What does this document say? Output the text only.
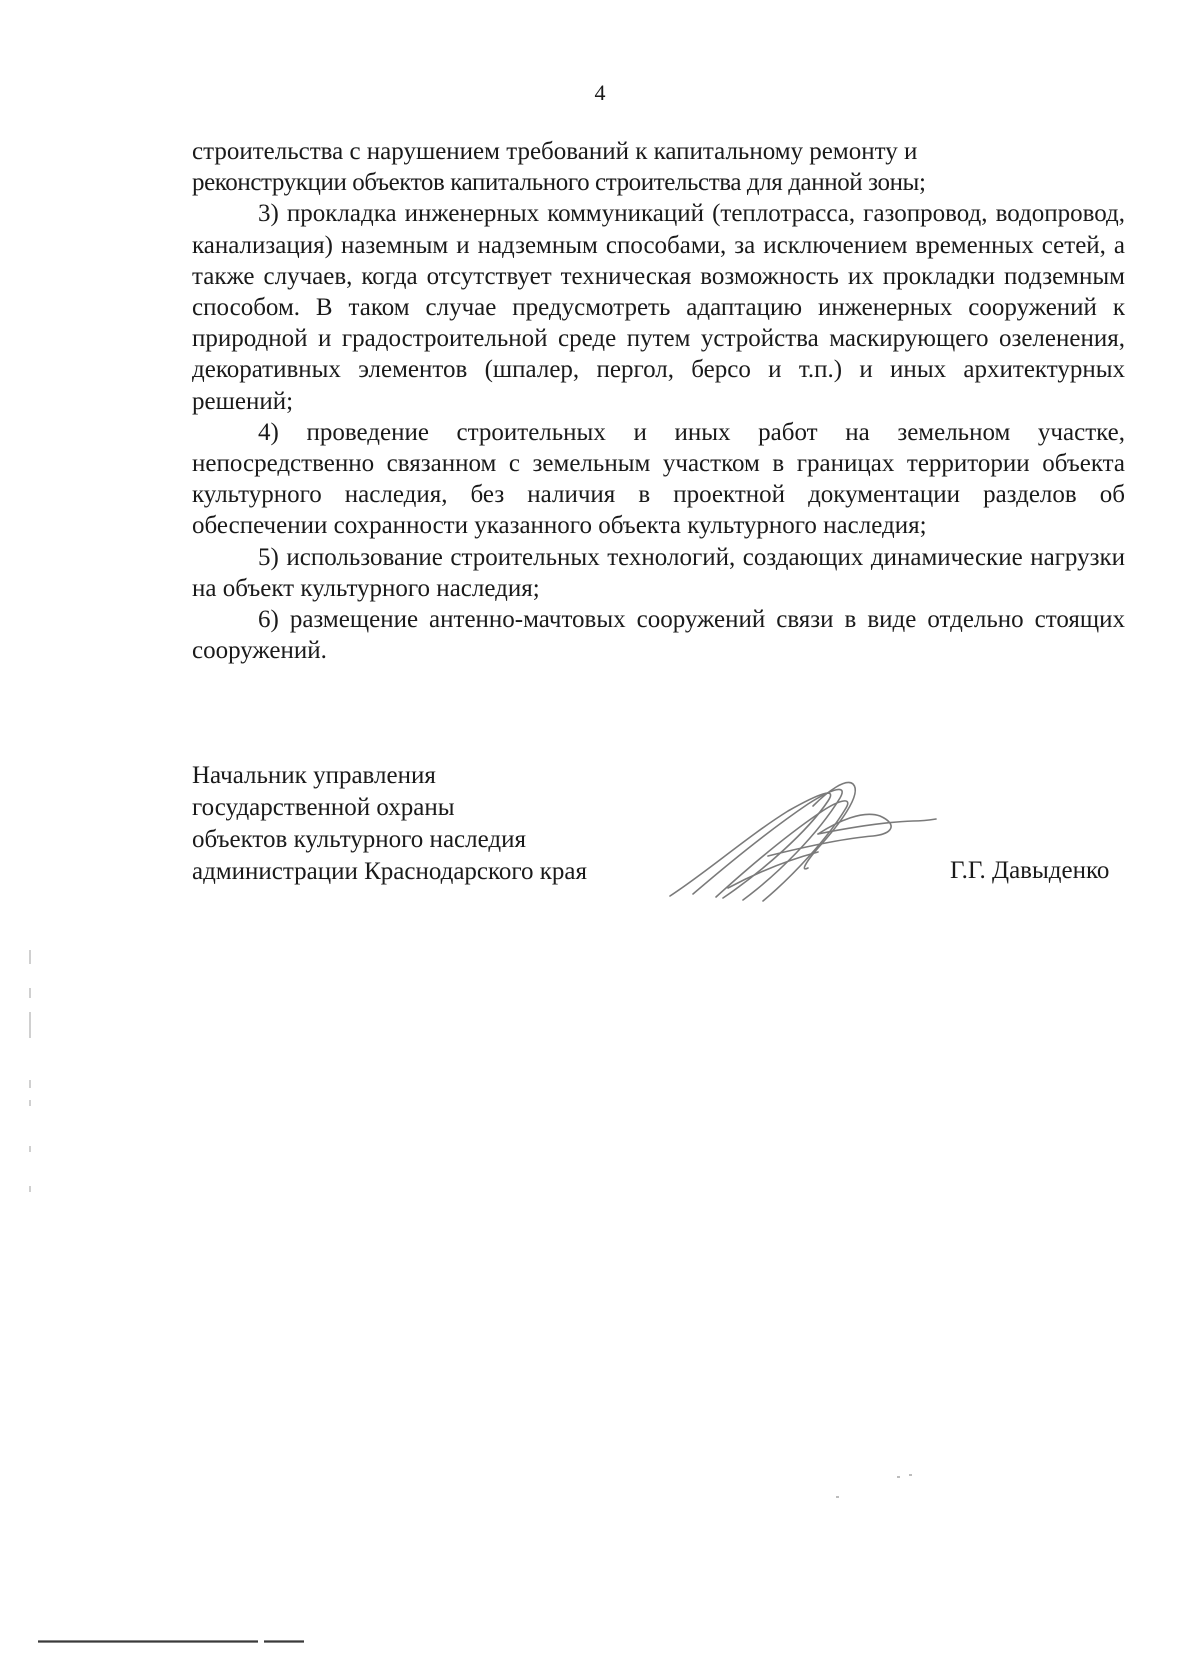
4

строительства с нарушением требований к капитальному ремонту и

реконструкции объектов капитального строительства для данной зоны;

3) прокладка инженерных коммуникаций (теплотрасса, газопровод, водопровод, канализация) наземным и надземным способами, за исключением временных сетей, а также случаев, когда отсутствует техническая возможность их прокладки подземным способом. В таком случае предусмотреть адаптацию инженерных сооружений к природной и градостроительной среде путем устройства маскирующего озеленения, декоративных элементов (шпалер, пергол, берсо и т.п.) и иных архитектурных решений;

4) проведение строительных и иных работ на земельном участке, непосредственно связанном с земельным участком в границах территории объекта культурного наследия, без наличия в проектной документации разделов об обеспечении сохранности указанного объекта культурного наследия;

5) использование строительных технологий, создающих динамические нагрузки на объект культурного наследия;

6) размещение антенно-мачтовых сооружений связи в виде отдельно стоящих сооружений.

Начальник управления
государственной охраны
объектов культурного наследия
администрации Краснодарского края	Г.Г. Давыденко
